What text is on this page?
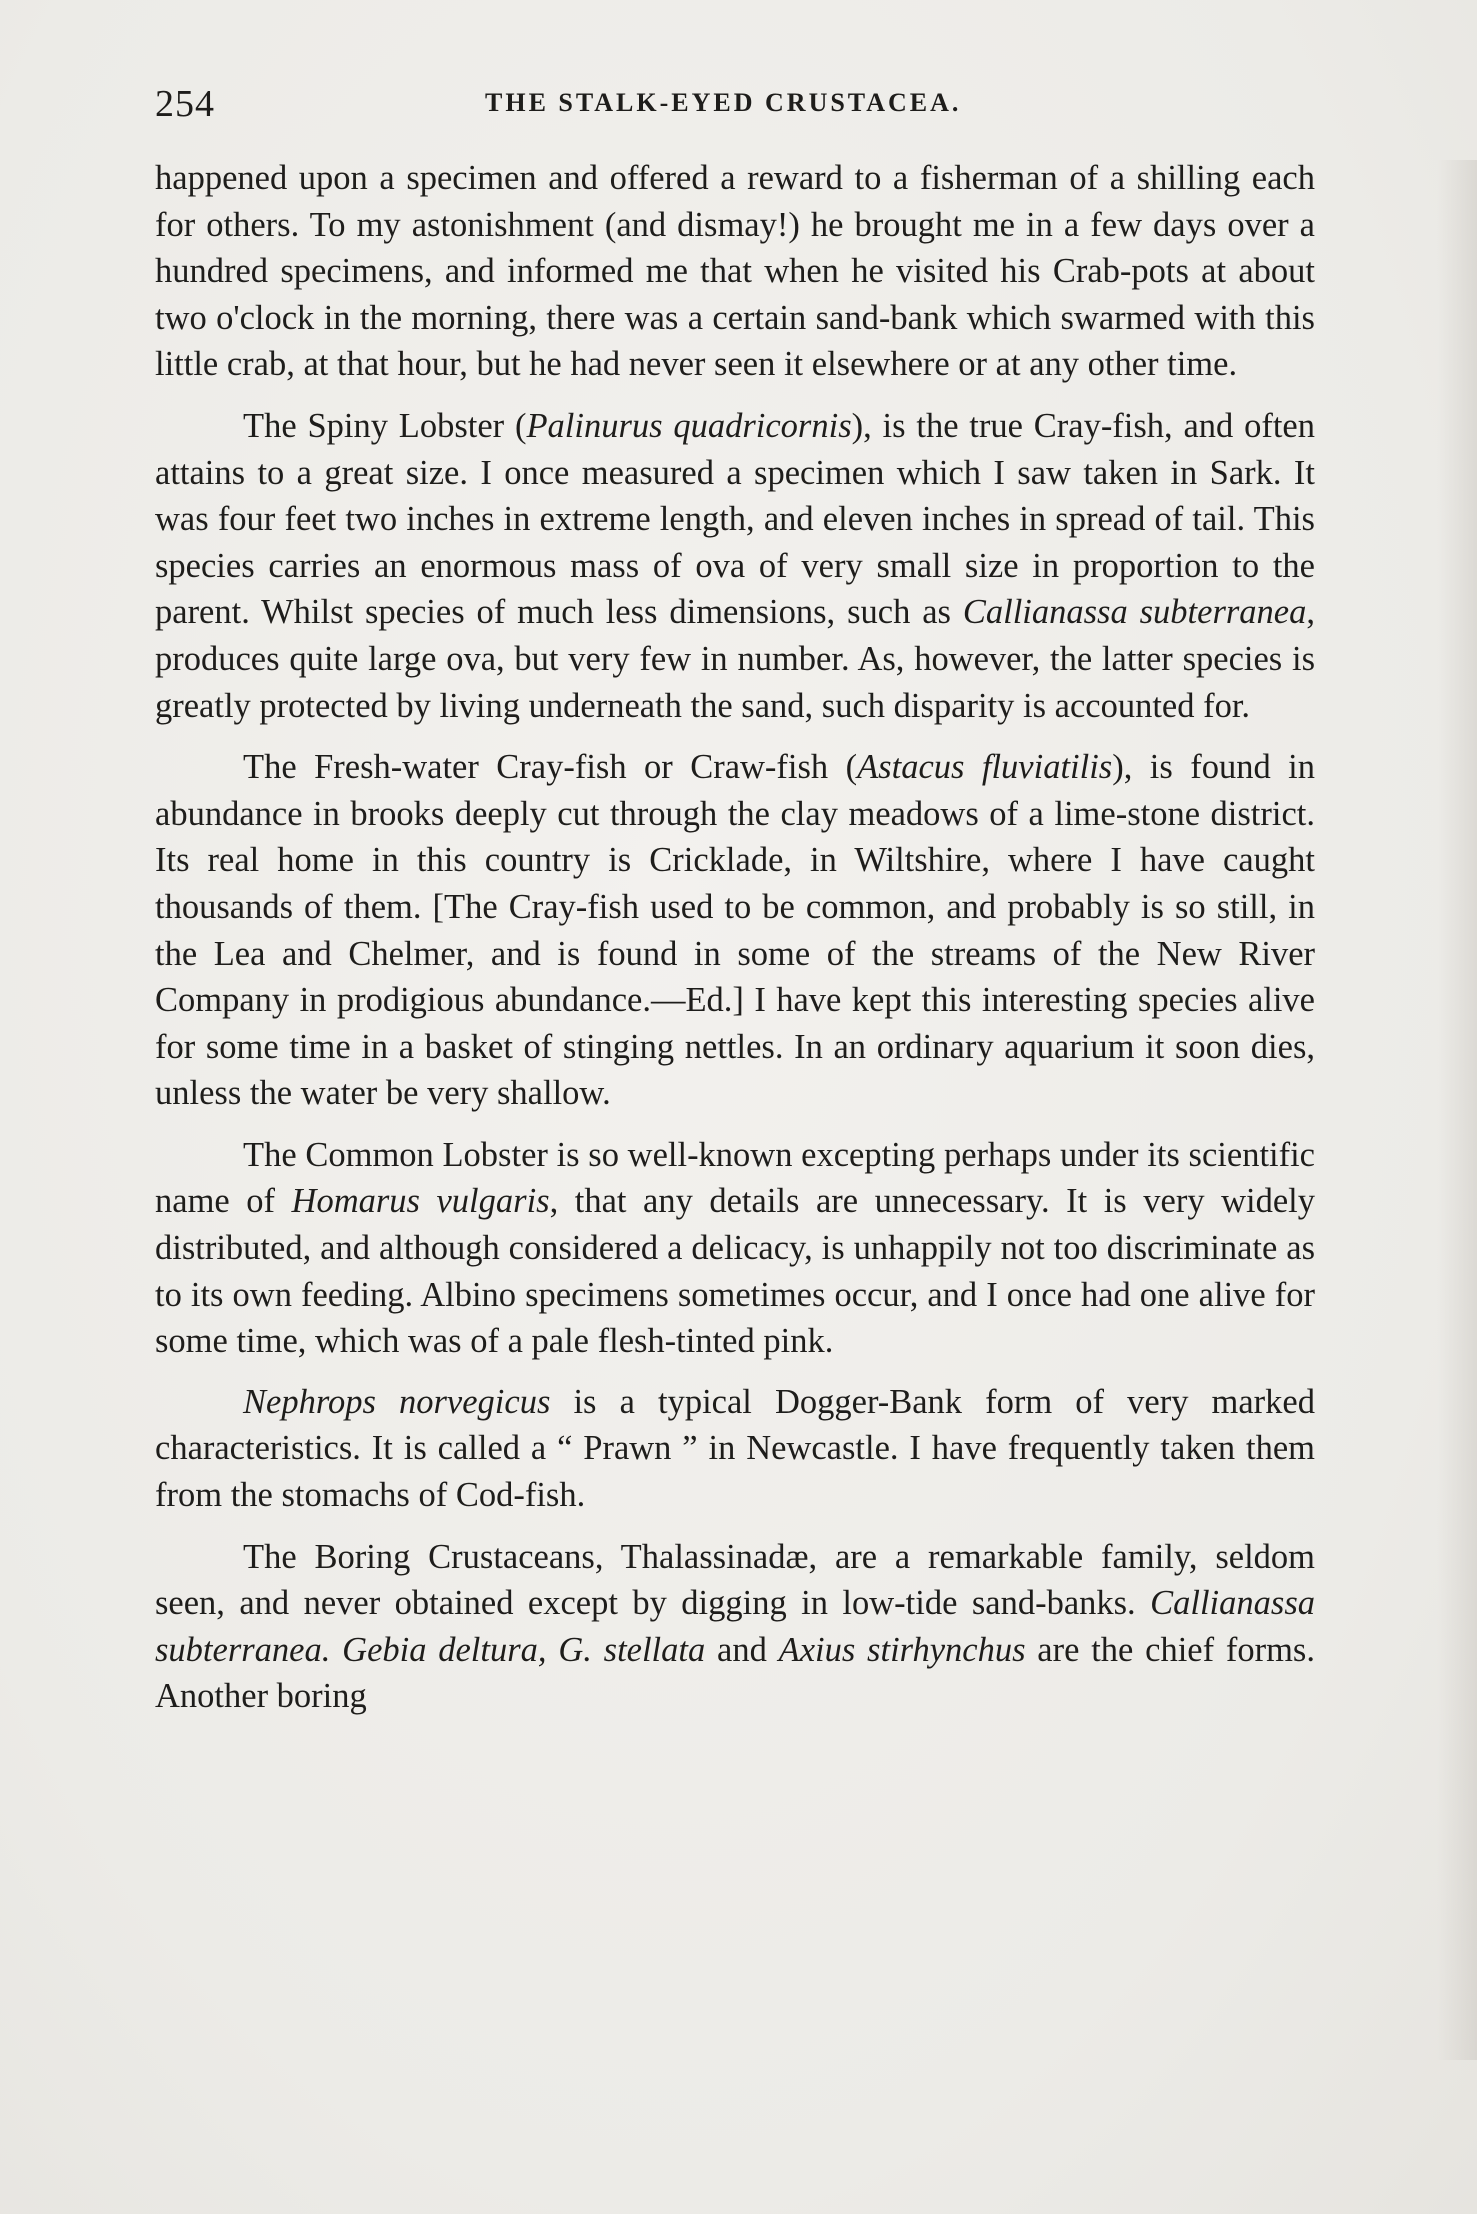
254	THE STALK-EYED CRUSTACEA.

happened upon a specimen and offered a reward to a fisherman of a shilling each for others. To my astonishment (and dismay!) he brought me in a few days over a hundred specimens, and informed me that when he visited his Crab-pots at about two o'clock in the morning, there was a certain sand-bank which swarmed with this little crab, at that hour, but he had never seen it elsewhere or at any other time.

The Spiny Lobster (Palinurus quadricornis), is the true Cray-fish, and often attains to a great size. I once measured a specimen which I saw taken in Sark. It was four feet two inches in extreme length, and eleven inches in spread of tail. This species carries an enormous mass of ova of very small size in proportion to the parent. Whilst species of much less dimensions, such as Callianassa subterranea, produces quite large ova, but very few in number. As, however, the latter species is greatly protected by living underneath the sand, such disparity is accounted for.

The Fresh-water Cray-fish or Craw-fish (Astacus fluviatilis), is found in abundance in brooks deeply cut through the clay meadows of a lime-stone district. Its real home in this country is Cricklade, in Wiltshire, where I have caught thousands of them. [The Cray-fish used to be common, and probably is so still, in the Lea and Chelmer, and is found in some of the streams of the New River Company in prodigious abundance.—Ed.] I have kept this interesting species alive for some time in a basket of stinging nettles. In an ordinary aquarium it soon dies, unless the water be very shallow.

The Common Lobster is so well-known excepting perhaps under its scientific name of Homarus vulgaris, that any details are unnecessary. It is very widely distributed, and although considered a delicacy, is unhappily not too discriminate as to its own feeding. Albino specimens sometimes occur, and I once had one alive for some time, which was of a pale flesh-tinted pink.

Nephrops norvegicus is a typical Dogger-Bank form of very marked characteristics. It is called a “ Prawn ” in Newcastle. I have frequently taken them from the stomachs of Cod-fish.

The Boring Crustaceans, Thalassinadæ, are a remarkable family, seldom seen, and never obtained except by digging in low-tide sand-banks. Callianassa subterranea. Gebia deltura, G. stellata and Axius stirhynchus are the chief forms. Another boring
